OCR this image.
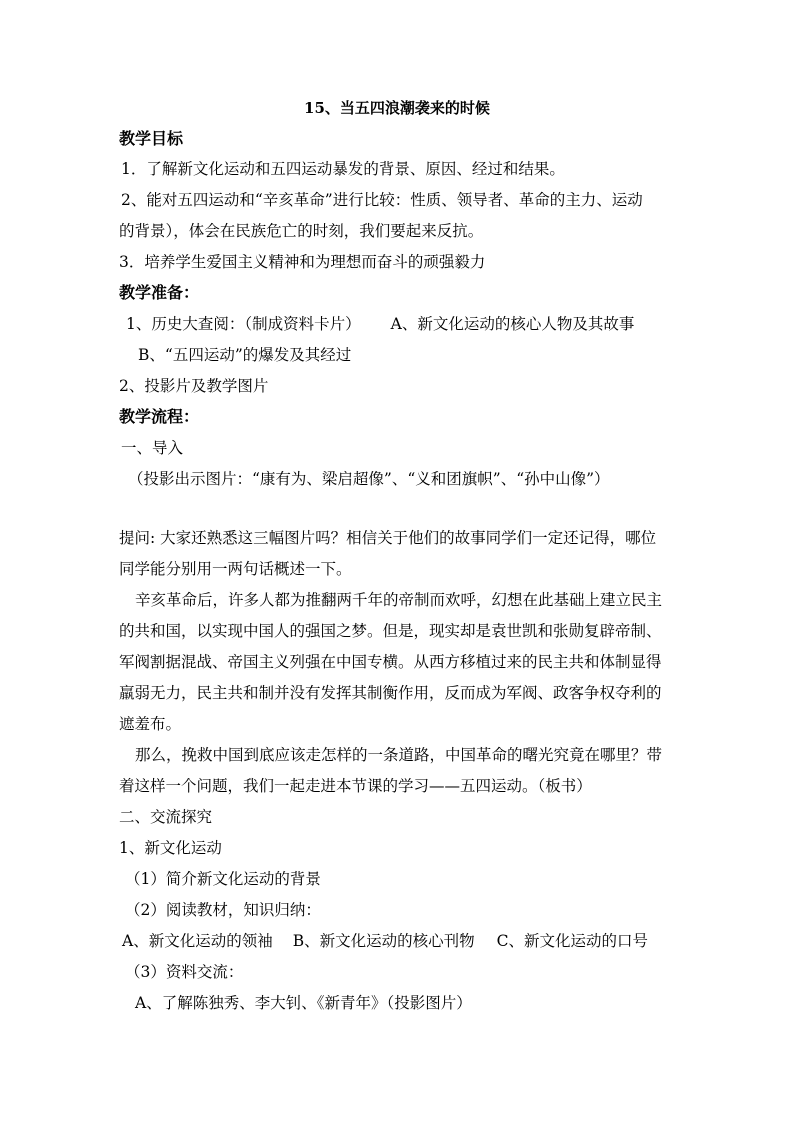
15、当五四浪潮袭来的时候
教学目标
1．了解新文化运动和五四运动暴发的背景、原因、经过和结果。
2、能对五四运动和“辛亥革命”进行比较：性质、领导者、革命的主力、运动
的背景），体会在民族危亡的时刻，我们要起来反抗。
3．培养学生爱国主义精神和为理想而奋斗的顽强毅力
教学准备：
1、历史大查阅：（制成资料卡片） A、新文化运动的核心人物及其故事
B、“五四运动”的爆发及其经过
2、投影片及教学图片
教学流程：
一、导入
（投影出示图片：“康有为、梁启超像”、“义和团旗帜”、“孙中山像”）
提问: 大家还熟悉这三幅图片吗？相信关于他们的故事同学们一定还记得，哪位
同学能分别用一两句话概述一下。
辛亥革命后，许多人都为推翻两千年的帝制而欢呼，幻想在此基础上建立民主
的共和国，以实现中国人的强国之梦。但是，现实却是袁世凯和张勋复辟帝制、
军阀割据混战、帝国主义列强在中国专横。从西方移植过来的民主共和体制显得
羸弱无力，民主共和制并没有发挥其制衡作用，反而成为军阀、政客争权夺利的
遮羞布。
那么，挽救中国到底应该走怎样的一条道路，中国革命的曙光究竟在哪里？带
着这样一个问题，我们一起走进本节课的学习——五四运动。（板书）
二、交流探究
1、新文化运动
（1）简介新文化运动的背景
（2）阅读教材，知识归纳：
A、新文化运动的领袖 B、新文化运动的核心刊物 C、新文化运动的口号
（3）资料交流：
A、了解陈独秀、李大钊、《新青年》（投影图片）
